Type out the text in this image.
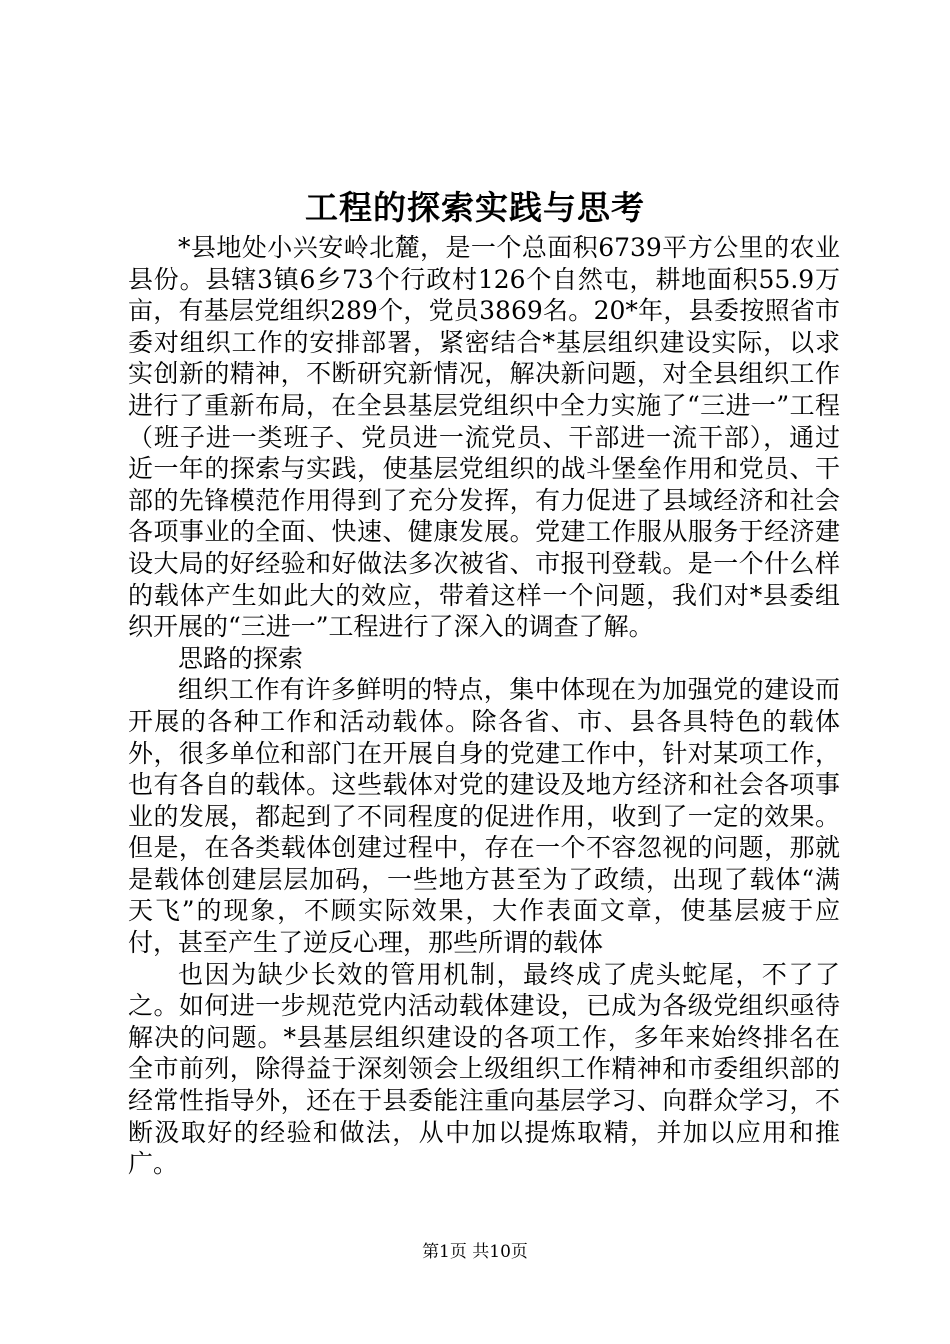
工程的探索实践与思考

*县地处小兴安岭北麓，是一个总面积6739平方公里的农业县份。县辖3镇6乡73个行政村126个自然屯，耕地面积55.9万亩，有基层党组织289个，党员3869名。20*年，县委按照省市委对组织工作的安排部署，紧密结合*基层组织建设实际，以求实创新的精神，不断研究新情况，解决新问题，对全县组织工作进行了重新布局，在全县基层党组织中全力实施了“三进一”工程（班子进一类班子、党员进一流党员、干部进一流干部），通过近一年的探索与实践，使基层党组织的战斗堡垒作用和党员、干部的先锋模范作用得到了充分发挥，有力促进了县域经济和社会各项事业的全面、快速、健康发展。党建工作服从服务于经济建设大局的好经验和好做法多次被省、市报刊登载。是一个什么样的载体产生如此大的效应，带着这样一个问题，我们对*县委组织开展的“三进一”工程进行了深入的调查了解。

思路的探索

组织工作有许多鲜明的特点，集中体现在为加强党的建设而开展的各种工作和活动载体。除各省、市、县各具特色的载体外，很多单位和部门在开展自身的党建工作中，针对某项工作，也有各自的载体。这些载体对党的建设及地方经济和社会各项事业的发展，都起到了不同程度的促进作用，收到了一定的效果。但是，在各类载体创建过程中，存在一个不容忽视的问题，那就是载体创建层层加码，一些地方甚至为了政绩，出现了载体“满天飞”的现象，不顾实际效果，大作表面文章，使基层疲于应付，甚至产生了逆反心理，那些所谓的载体

也因为缺少长效的管用机制，最终成了虎头蛇尾，不了了之。如何进一步规范党内活动载体建设，已成为各级党组织亟待解决的问题。*县基层组织建设的各项工作，多年来始终排名在全市前列，除得益于深刻领会上级组织工作精神和市委组织部的经常性指导外，还在于县委能注重向基层学习、向群众学习，不断汲取好的经验和做法，从中加以提炼取精，并加以应用和推广。

第1页 共10页
